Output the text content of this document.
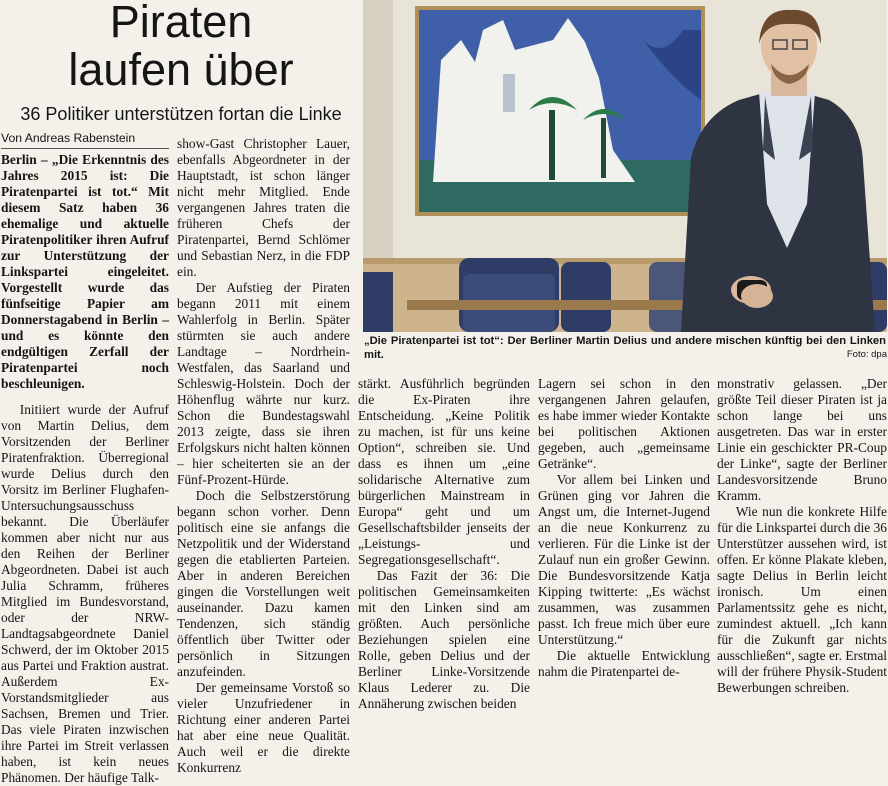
Piraten
laufen über
36 Politiker unterstützen fortan die Linke
Von Andreas Rabenstein

Berlin – „Die Erkenntnis des Jahres 2015 ist: Die Piratenpartei ist tot.“ Mit diesem Satz haben 36 ehemalige und aktuelle Piratenpolitiker ihren Aufruf zur Unterstützung der Linkspartei eingeleitet. Vorgestellt wurde das fünfseitige Papier am Donnerstagabend in Berlin – und es könnte den endgültigen Zerfall der Piratenpartei noch beschleunigen.

Initiiert wurde der Aufruf von Martin Delius, dem Vorsitzenden der Berliner Piratenfraktion. Überregional wurde Delius durch den Vorsitz im Berliner Flughafen-Untersuchungsausschuss bekannt. Die Überläufer kommen aber nicht nur aus den Reihen der Berliner Abgeordneten. Dabei ist auch Julia Schramm, früheres Mitglied im Bundesvorstand, oder der NRW-Landtagsabgeordnete Daniel Schwerd, der im Oktober 2015 aus Partei und Fraktion austrat. Außerdem Ex-Vorstandsmitglieder aus Sachsen, Bremen und Trier. Das viele Piraten inzwischen ihre Partei im Streit verlassen haben, ist kein neues Phänomen. Der häufige Talk-

show-Gast Christopher Lauer, ebenfalls Abgeordneter in der Hauptstadt, ist schon länger nicht mehr Mitglied. Ende vergangenen Jahres traten die früheren Chefs der Piratenpartei, Bernd Schlömer und Sebastian Nerz, in die FDP ein.

Der Aufstieg der Piraten begann 2011 mit einem Wahlerfolg in Berlin. Später stürmten sie auch andere Landtage – Nordrhein-Westfalen, das Saarland und Schleswig-Holstein. Doch der Höhenflug währte nur kurz. Schon die Bundestagswahl 2013 zeigte, dass sie ihren Erfolgskurs nicht halten können – hier scheiterten sie an der Fünf-Prozent-Hürde.

Doch die Selbstzerstörung begann schon vorher. Denn politisch eine sie anfangs die Netzpolitik und der Widerstand gegen die etablierten Parteien. Aber in anderen Bereichen gingen die Vorstellungen weit auseinander. Dazu kamen Tendenzen, sich ständig öffentlich über Twitter oder persönlich in Sitzungen anzufeinden.

Der gemeinsame Vorstoß so vieler Unzufriedener in Richtung einer anderen Partei hat aber eine neue Qualität. Auch weil er die direkte Konkurrenz

„Die Piratenpartei ist tot“: Der Berliner Martin Delius und andere mischen künftig bei den Linken mit.	Foto: dpa

stärkt. Ausführlich begründen die Ex-Piraten ihre Entscheidung. „Keine Politik zu machen, ist für uns keine Option“, schreiben sie. Und dass es ihnen um „eine solidarische Alternative zum bürgerlichen Mainstream in Europa“ geht und um Gesellschaftsbilder jenseits der „Leistungs- und Segregationsgesellschaft“.

Das Fazit der 36: Die politischen Gemeinsamkeiten mit den Linken sind am größten. Auch persönliche Beziehungen spielen eine Rolle, geben Delius und der Berliner Linke-Vorsitzende Klaus Lederer zu. Die Annäherung zwischen beiden

Lagern sei schon in den vergangenen Jahren gelaufen, es habe immer wieder Kontakte bei politischen Aktionen gegeben, auch „gemeinsame Getränke“.

Vor allem bei Linken und Grünen ging vor Jahren die Angst um, die Internet-Jugend an die neue Konkurrenz zu verlieren. Für die Linke ist der Zulauf nun ein großer Gewinn. Die Bundesvorsitzende Katja Kipping twitterte: „Es wächst zusammen, was zusammen passt. Ich freue mich über eure Unterstützung.“

Die aktuelle Entwicklung nahm die Piratenpartei de-

monstrativ gelassen. „Der größte Teil dieser Piraten ist ja schon lange bei uns ausgetreten. Das war in erster Linie ein geschickter PR-Coup der Linke“, sagte der Berliner Landesvorsitzende Bruno Kramm.

Wie nun die konkrete Hilfe für die Linkspartei durch die 36 Unterstützer aussehen wird, ist offen. Er könne Plakate kleben, sagte Delius in Berlin leicht ironisch. Um einen Parlamentssitz gehe es nicht, zumindest aktuell. „Ich kann für die Zukunft gar nichts ausschließen“, sagte er. Erstmal will der frühere Physik-Student Bewerbungen schreiben.
